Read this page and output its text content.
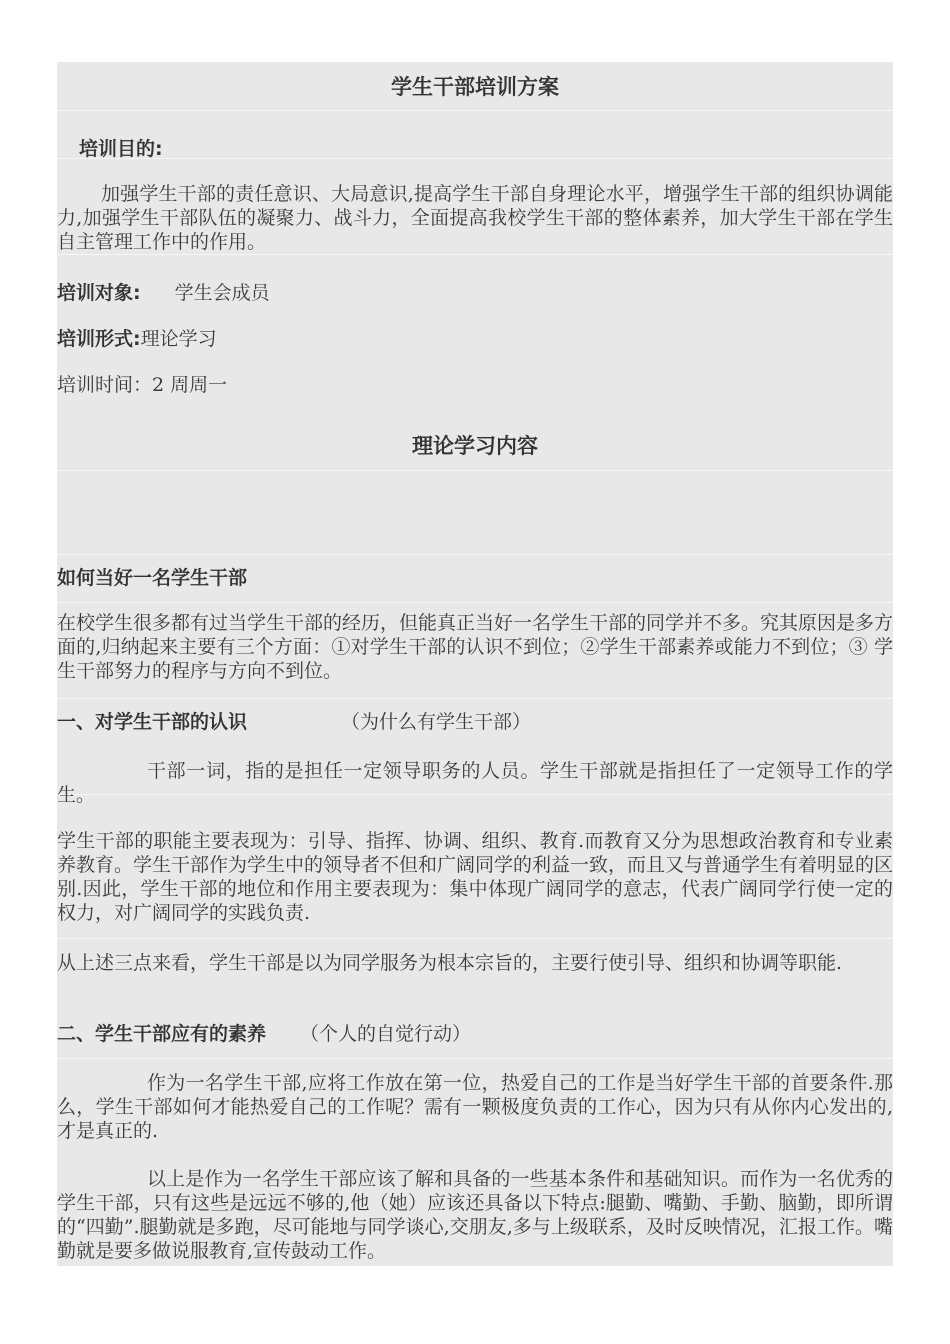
学生干部培训方案
培训目的:

加强学生干部的责任意识、大局意识,提高学生干部自身理论水平，增强学生干部的组织协调能力,加强学生干部队伍的凝聚力、战斗力，全面提高我校学生干部的整体素养，加大学生干部在学生自主管理工作中的作用。

培训对象: 学生会成员
培训形式:理论学习
培训时间：2 周周一
理论学习内容
如何当好一名学生干部

在校学生很多都有过当学生干部的经历，但能真正当好一名学生干部的同学并不多。究其原因是多方面的,归纳起来主要有三个方面：①对学生干部的认识不到位；②学生干部素养或能力不到位；③ 学生干部努力的程序与方向不到位。

一、对学生干部的认识	（为什么有学生干部）

干部一词，指的是担任一定领导职务的人员。学生干部就是指担任了一定领导工作的学生。

学生干部的职能主要表现为：引导、指挥、协调、组织、教育.而教育又分为思想政治教育和专业素养教育。学生干部作为学生中的领导者不但和广阔同学的利益一致，而且又与普通学生有着明显的区别.因此，学生干部的地位和作用主要表现为：集中体现广阔同学的意志，代表广阔同学行使一定的权力，对广阔同学的实践负责.

从上述三点来看，学生干部是以为同学服务为根本宗旨的，主要行使引导、组织和协调等职能.

二、学生干部应有的素养 （个人的自觉行动）

作为一名学生干部,应将工作放在第一位，热爱自己的工作是当好学生干部的首要条件.那么，学生干部如何才能热爱自己的工作呢？需有一颗极度负责的工作心，因为只有从你内心发出的,才是真正的.

以上是作为一名学生干部应该了解和具备的一些基本条件和基础知识。而作为一名优秀的学生干部，只有这些是远远不够的,他（她）应该还具备以下特点:腿勤、嘴勤、手勤、脑勤，即所谓的“四勤”.腿勤就是多跑，尽可能地与同学谈心,交朋友,多与上级联系，及时反映情况，汇报工作。嘴勤就是要多做说服教育,宣传鼓动工作。
